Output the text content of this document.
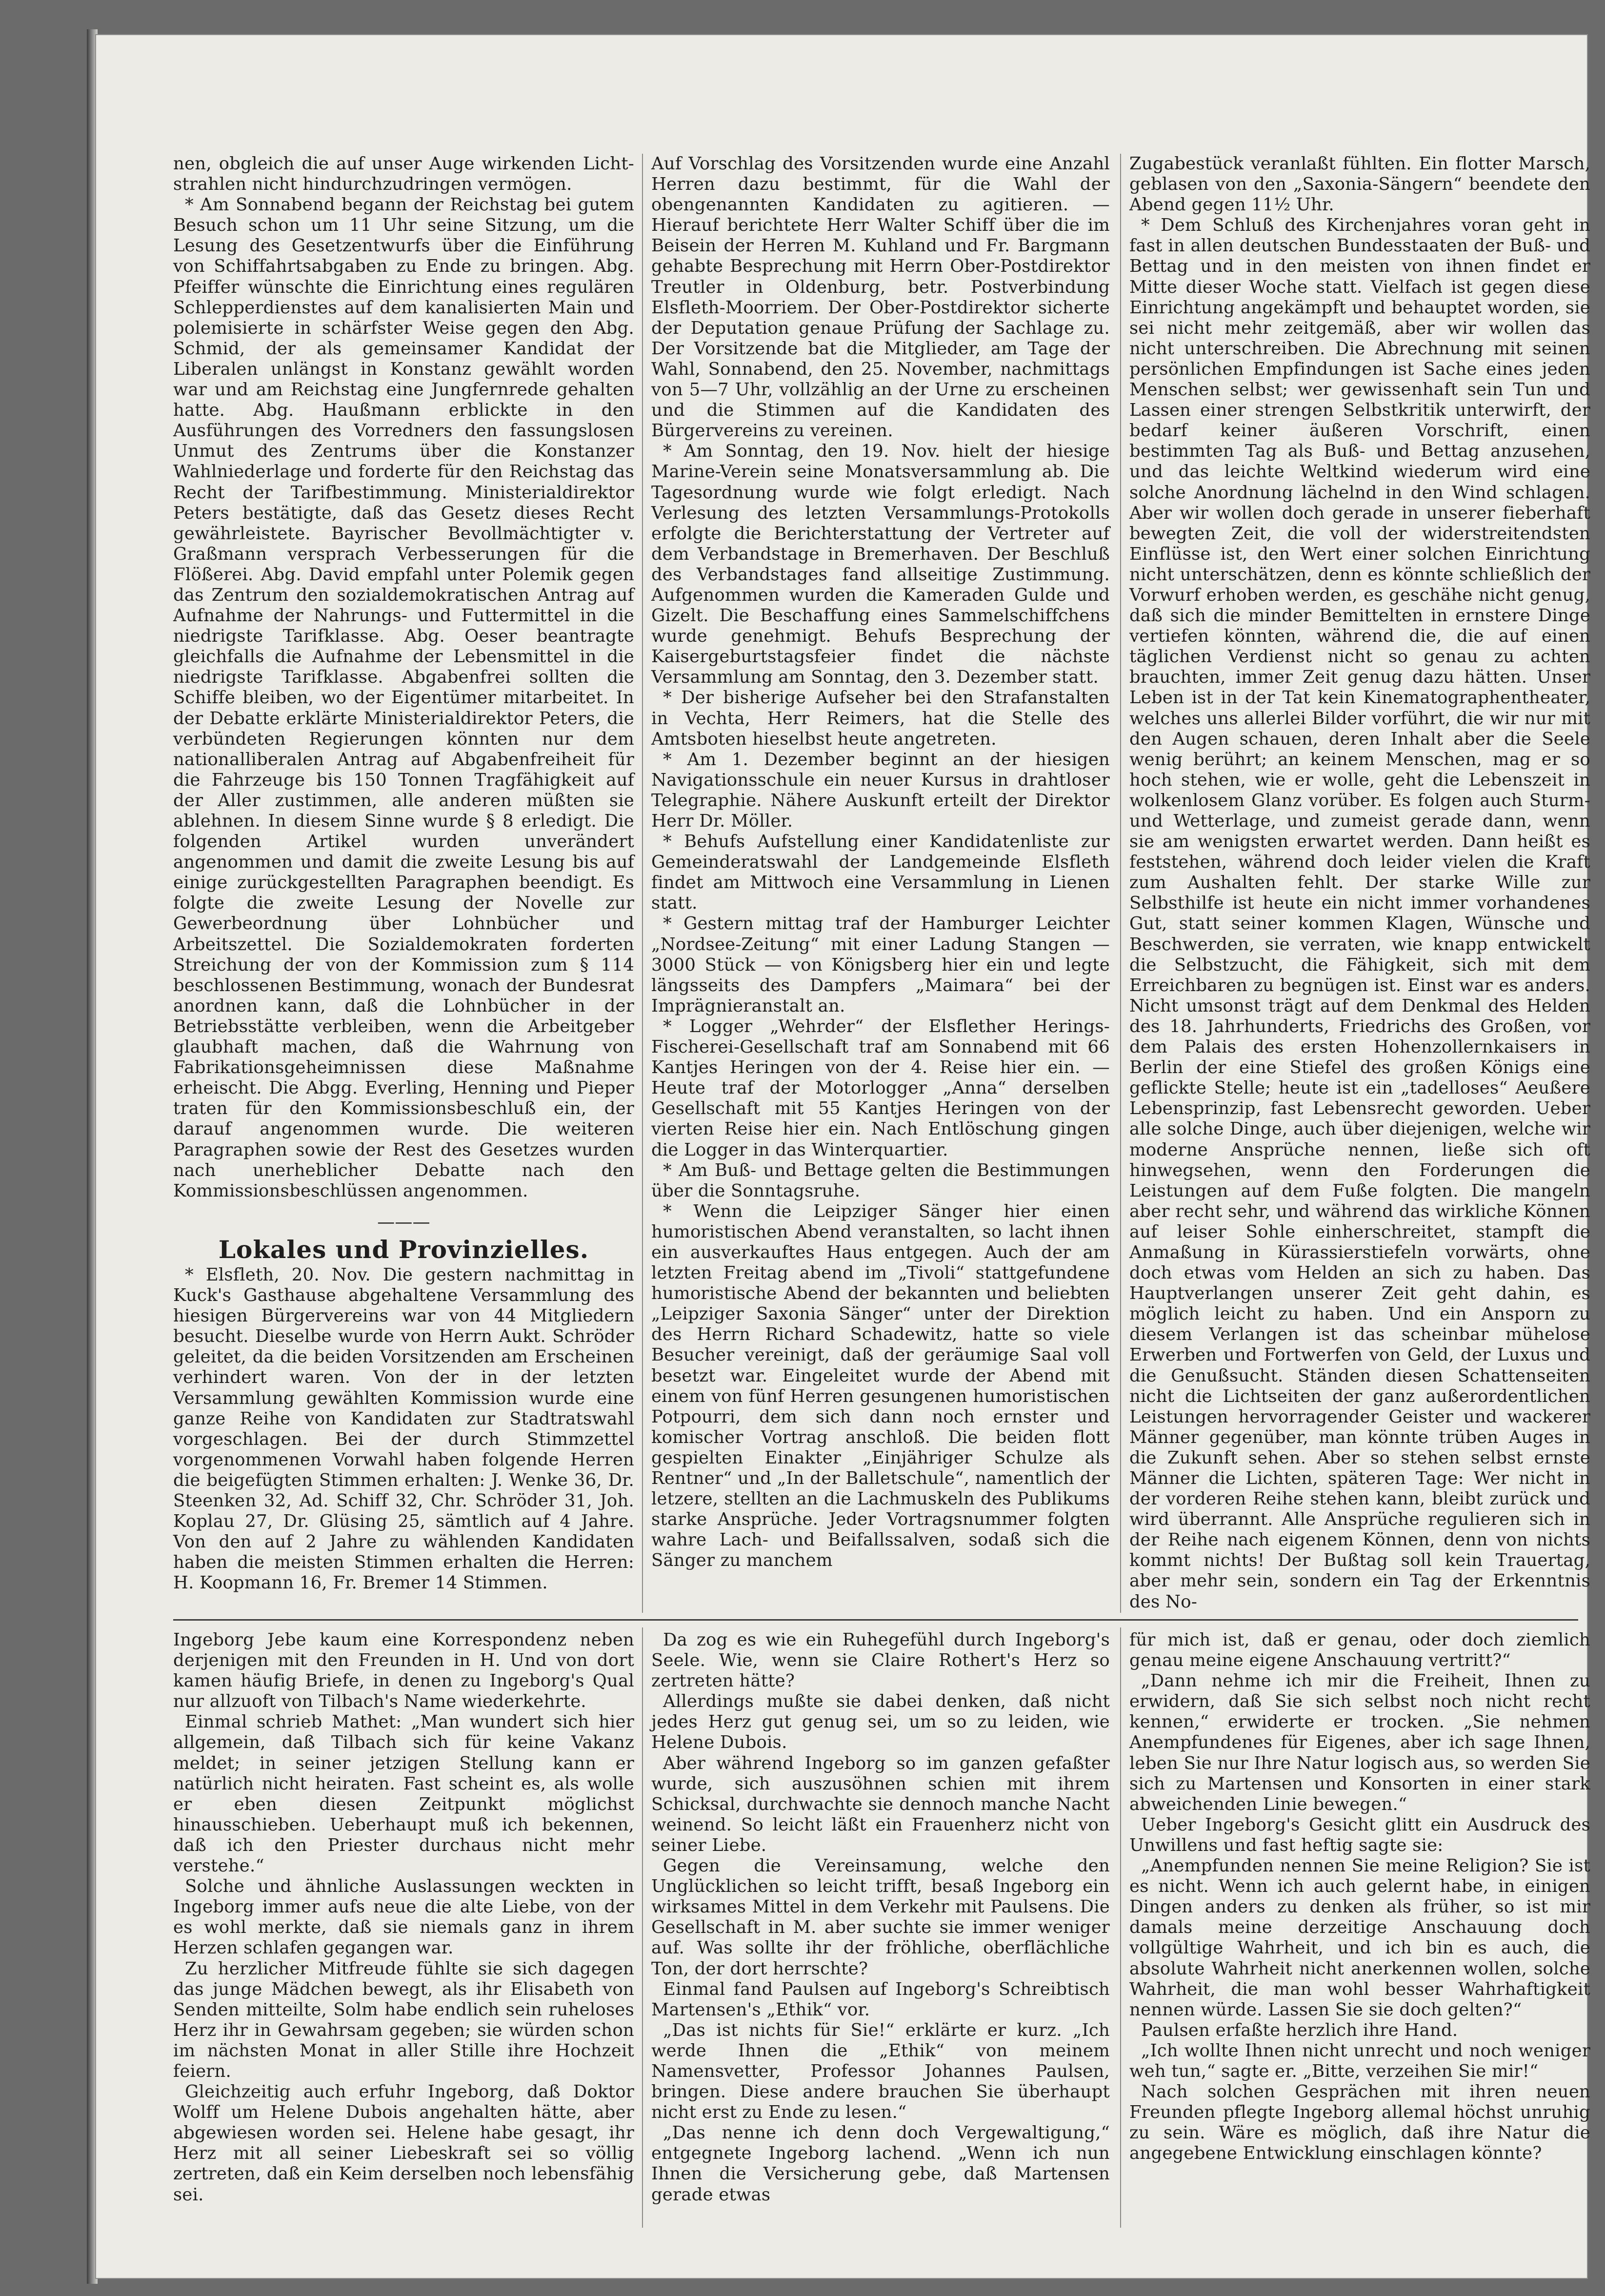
nen, obgleich die auf unser Auge wirkenden Licht-strahlen nicht hindurchzudringen vermögen.

* Am Sonnabend begann der Reichstag bei gutem Besuch schon um 11 Uhr seine Sitzung, um die Lesung des Gesetzentwurfs über die Einführung von Schiffahrtsabgaben zu Ende zu bringen. Abg. Pfeiffer wünschte die Einrichtung eines regulären Schlepperdienstes auf dem kanalisierten Main und polemisierte in schärfster Weise gegen den Abg. Schmid, der als gemeinsamer Kandidat der Liberalen unlängst in Konstanz gewählt worden war und am Reichstag eine Jungfernrede gehalten hatte. Abg. Haußmann erblickte in den Ausführungen des Vorredners den fassungslosen Unmut des Zentrums über die Konstanzer Wahlniederlage und forderte für den Reichstag das Recht der Tarifbestimmung. Ministerialdirektor Peters bestätigte, daß das Gesetz dieses Recht gewährleistete. Bayrischer Bevollmächtigter v. Graßmann versprach Verbesserungen für die Flößerei. Abg. David empfahl unter Polemik gegen das Zentrum den sozialdemokratischen Antrag auf Aufnahme der Nahrungs- und Futtermittel in die niedrigste Tarifklasse. Abg. Oeser beantragte gleichfalls die Aufnahme der Lebensmittel in die niedrigste Tarifklasse. Abgabenfrei sollten die Schiffe bleiben, wo der Eigentümer mitarbeitet. In der Debatte erklärte Ministerialdirektor Peters, die verbündeten Regierungen könnten nur dem nationalliberalen Antrag auf Abgabenfreiheit für die Fahrzeuge bis 150 Tonnen Tragfähigkeit auf der Aller zustimmen, alle anderen müßten sie ablehnen. In diesem Sinne wurde § 8 erledigt. Die folgenden Artikel wurden unverändert angenommen und damit die zweite Lesung bis auf einige zurückgestellten Paragraphen beendigt. Es folgte die zweite Lesung der Novelle zur Gewerbeordnung über Lohnbücher und Arbeitszettel. Die Sozialdemokraten forderten Streichung der von der Kommission zum § 114 beschlossenen Bestimmung, wonach der Bundesrat anordnen kann, daß die Lohnbücher in der Betriebsstätte verbleiben, wenn die Arbeitgeber glaubhaft machen, daß die Wahrnung von Fabrikationsgeheimnissen diese Maßnahme erheischt. Die Abgg. Everling, Henning und Pieper traten für den Kommissionsbeschluß ein, der darauf angenommen wurde. Die weiteren Paragraphen sowie der Rest des Gesetzes wurden nach unerheblicher Debatte nach den Kommissionsbeschlüssen angenommen.

———
Lokales und Provinzielles.

* Elsfleth, 20. Nov. Die gestern nachmittag in Kuck's Gasthause abgehaltene Versammlung des hiesigen Bürgervereins war von 44 Mitgliedern besucht. Dieselbe wurde von Herrn Aukt. Schröder geleitet, da die beiden Vorsitzenden am Erscheinen verhindert waren. Von der in der letzten Versammlung gewählten Kommission wurde eine ganze Reihe von Kandidaten zur Stadtratswahl vorgeschlagen. Bei der durch Stimmzettel vorgenommenen Vorwahl haben folgende Herren die beigefügten Stimmen erhalten: J. Wenke 36, Dr. Steenken 32, Ad. Schiff 32, Chr. Schröder 31, Joh. Koplau 27, Dr. Glüsing 25, sämtlich auf 4 Jahre. Von den auf 2 Jahre zu wählenden Kandidaten haben die meisten Stimmen erhalten die Herren: H. Koopmann 16, Fr. Bremer 14 Stimmen.

Auf Vorschlag des Vorsitzenden wurde eine Anzahl Herren dazu bestimmt, für die Wahl der obengenannten Kandidaten zu agitieren. — Hierauf berichtete Herr Walter Schiff über die im Beisein der Herren M. Kuhland und Fr. Bargmann gehabte Besprechung mit Herrn Ober-Postdirektor Treutler in Oldenburg, betr. Postverbindung Elsfleth-Moorriem. Der Ober-Postdirektor sicherte der Deputation genaue Prüfung der Sachlage zu. Der Vorsitzende bat die Mitglieder, am Tage der Wahl, Sonnabend, den 25. November, nachmittags von 5—7 Uhr, vollzählig an der Urne zu erscheinen und die Stimmen auf die Kandidaten des Bürgervereins zu vereinen.

* Am Sonntag, den 19. Nov. hielt der hiesige Marine-Verein seine Monatsversammlung ab. Die Tagesordnung wurde wie folgt erledigt. Nach Verlesung des letzten Versammlungs-Protokolls erfolgte die Berichterstattung der Vertreter auf dem Verbandstage in Bremerhaven. Der Beschluß des Verbandstages fand allseitige Zustimmung. Aufgenommen wurden die Kameraden Gulde und Gizelt. Die Beschaffung eines Sammelschiffchens wurde genehmigt. Behufs Besprechung der Kaisergeburtstagsfeier findet die nächste Versammlung am Sonntag, den 3. Dezember statt.

* Der bisherige Aufseher bei den Strafanstalten in Vechta, Herr Reimers, hat die Stelle des Amtsboten hieselbst heute angetreten.

* Am 1. Dezember beginnt an der hiesigen Navigationsschule ein neuer Kursus in drahtloser Telegraphie. Nähere Auskunft erteilt der Direktor Herr Dr. Möller.

* Behufs Aufstellung einer Kandidatenliste zur Gemeinderatswahl der Landgemeinde Elsfleth findet am Mittwoch eine Versammlung in Lienen statt.

* Gestern mittag traf der Hamburger Leichter „Nordsee-Zeitung“ mit einer Ladung Stangen — 3000 Stück — von Königsberg hier ein und legte längsseits des Dampfers „Maimara“ bei der Imprägnieranstalt an.

* Logger „Wehrder“ der Elsflether Herings-Fischerei-Gesellschaft traf am Sonnabend mit 66 Kantjes Heringen von der 4. Reise hier ein. — Heute traf der Motorlogger „Anna“ derselben Gesellschaft mit 55 Kantjes Heringen von der vierten Reise hier ein. Nach Entlöschung gingen die Logger in das Winterquartier.

* Am Buß- und Bettage gelten die Bestimmungen über die Sonntagsruhe.

* Wenn die Leipziger Sänger hier einen humoristischen Abend veranstalten, so lacht ihnen ein ausverkauftes Haus entgegen. Auch der am letzten Freitag abend im „Tivoli“ stattgefundene humoristische Abend der bekannten und beliebten „Leipziger Saxonia Sänger“ unter der Direktion des Herrn Richard Schadewitz, hatte so viele Besucher vereinigt, daß der geräumige Saal voll besetzt war. Eingeleitet wurde der Abend mit einem von fünf Herren gesungenen humoristischen Potpourri, dem sich dann noch ernster und komischer Vortrag anschloß. Die beiden flott gespielten Einakter „Einjähriger Schulze als Rentner“ und „In der Balletschule“, namentlich der letzere, stellten an die Lachmuskeln des Publikums starke Ansprüche. Jeder Vortragsnummer folgten wahre Lach- und Beifallssalven, sodaß sich die Sänger zu manchem

Zugabestück veranlaßt fühlten. Ein flotter Marsch, geblasen von den „Saxonia-Sängern“ beendete den Abend gegen 11½ Uhr.

* Dem Schluß des Kirchenjahres voran geht in fast in allen deutschen Bundesstaaten der Buß- und Bettag und in den meisten von ihnen findet er Mitte dieser Woche statt. Vielfach ist gegen diese Einrichtung angekämpft und behauptet worden, sie sei nicht mehr zeitgemäß, aber wir wollen das nicht unterschreiben. Die Abrechnung mit seinen persönlichen Empfindungen ist Sache eines jeden Menschen selbst; wer gewissenhaft sein Tun und Lassen einer strengen Selbstkritik unterwirft, der bedarf keiner äußeren Vorschrift, einen bestimmten Tag als Buß- und Bettag anzusehen, und das leichte Weltkind wiederum wird eine solche Anordnung lächelnd in den Wind schlagen. Aber wir wollen doch gerade in unserer fieberhaft bewegten Zeit, die voll der widerstreitendsten Einflüsse ist, den Wert einer solchen Einrichtung nicht unterschätzen, denn es könnte schließlich der Vorwurf erhoben werden, es geschähe nicht genug, daß sich die minder Bemittelten in ernstere Dinge vertiefen könnten, während die, die auf einen täglichen Verdienst nicht so genau zu achten brauchten, immer Zeit genug dazu hätten. Unser Leben ist in der Tat kein Kinematographentheater, welches uns allerlei Bilder vorführt, die wir nur mit den Augen schauen, deren Inhalt aber die Seele wenig berührt; an keinem Menschen, mag er so hoch stehen, wie er wolle, geht die Lebenszeit in wolkenlosem Glanz vorüber. Es folgen auch Sturm- und Wetterlage, und zumeist gerade dann, wenn sie am wenigsten erwartet werden. Dann heißt es feststehen, während doch leider vielen die Kraft zum Aushalten fehlt. Der starke Wille zur Selbsthilfe ist heute ein nicht immer vorhandenes Gut, statt seiner kommen Klagen, Wünsche und Beschwerden, sie verraten, wie knapp entwickelt die Selbstzucht, die Fähigkeit, sich mit dem Erreichbaren zu begnügen ist. Einst war es anders. Nicht umsonst trägt auf dem Denkmal des Helden des 18. Jahrhunderts, Friedrichs des Großen, vor dem Palais des ersten Hohenzollernkaisers in Berlin der eine Stiefel des großen Königs eine geflickte Stelle; heute ist ein „tadelloses“ Aeußere Lebensprinzip, fast Lebensrecht geworden. Ueber alle solche Dinge, auch über diejenigen, welche wir moderne Ansprüche nennen, ließe sich oft hinwegsehen, wenn den Forderungen die Leistungen auf dem Fuße folgten. Die mangeln aber recht sehr, und während das wirkliche Können auf leiser Sohle einherschreitet, stampft die Anmaßung in Kürassierstiefeln vorwärts, ohne doch etwas vom Helden an sich zu haben. Das Hauptverlangen unserer Zeit geht dahin, es möglich leicht zu haben. Und ein Ansporn zu diesem Verlangen ist das scheinbar mühelose Erwerben und Fortwerfen von Geld, der Luxus und die Genußsucht. Ständen diesen Schattenseiten nicht die Lichtseiten der ganz außerordentlichen Leistungen hervorragender Geister und wackerer Männer gegenüber, man könnte trüben Auges in die Zukunft sehen. Aber so stehen selbst ernste Männer die Lichten, späteren Tage: Wer nicht in der vorderen Reihe stehen kann, bleibt zurück und wird überrannt. Alle Ansprüche regulieren sich in der Reihe nach eigenem Können, denn von nichts kommt nichts! Der Bußtag soll kein Trauertag, aber mehr sein, sondern ein Tag der Erkenntnis des No-

Ingeborg Jebe kaum eine Korrespondenz neben derjenigen mit den Freunden in H. Und von dort kamen häufig Briefe, in denen zu Ingeborg's Qual nur allzuoft von Tilbach's Name wiederkehrte.

Einmal schrieb Mathet: „Man wundert sich hier allgemein, daß Tilbach sich für keine Vakanz meldet; in seiner jetzigen Stellung kann er natürlich nicht heiraten. Fast scheint es, als wolle er eben diesen Zeitpunkt möglichst hinausschieben. Ueberhaupt muß ich bekennen, daß ich den Priester durchaus nicht mehr verstehe.“

Solche und ähnliche Auslassungen weckten in Ingeborg immer aufs neue die alte Liebe, von der es wohl merkte, daß sie niemals ganz in ihrem Herzen schlafen gegangen war.

Zu herzlicher Mitfreude fühlte sie sich dagegen das junge Mädchen bewegt, als ihr Elisabeth von Senden mitteilte, Solm habe endlich sein ruheloses Herz ihr in Gewahrsam gegeben; sie würden schon im nächsten Monat in aller Stille ihre Hochzeit feiern.

Gleichzeitig auch erfuhr Ingeborg, daß Doktor Wolff um Helene Dubois angehalten hätte, aber abgewiesen worden sei. Helene habe gesagt, ihr Herz mit all seiner Liebeskraft sei so völlig zertreten, daß ein Keim derselben noch lebensfähig sei.

Da zog es wie ein Ruhegefühl durch Ingeborg's Seele. Wie, wenn sie Claire Rothert's Herz so zertreten hätte?

Allerdings mußte sie dabei denken, daß nicht jedes Herz gut genug sei, um so zu leiden, wie Helene Dubois.

Aber während Ingeborg so im ganzen gefaßter wurde, sich auszusöhnen schien mit ihrem Schicksal, durchwachte sie dennoch manche Nacht weinend. So leicht läßt ein Frauenherz nicht von seiner Liebe.

Gegen die Vereinsamung, welche den Unglücklichen so leicht trifft, besaß Ingeborg ein wirksames Mittel in dem Verkehr mit Paulsens. Die Gesellschaft in M. aber suchte sie immer weniger auf. Was sollte ihr der fröhliche, oberflächliche Ton, der dort herrschte?

Einmal fand Paulsen auf Ingeborg's Schreibtisch Martensen's „Ethik“ vor.

„Das ist nichts für Sie!“ erklärte er kurz. „Ich werde Ihnen die „Ethik“ von meinem Namensvetter, Professor Johannes Paulsen, bringen. Diese andere brauchen Sie überhaupt nicht erst zu Ende zu lesen.“

„Das nenne ich denn doch Vergewaltigung,“ entgegnete Ingeborg lachend. „Wenn ich nun Ihnen die Versicherung gebe, daß Martensen gerade etwas

für mich ist, daß er genau, oder doch ziemlich genau meine eigene Anschauung vertritt?“

„Dann nehme ich mir die Freiheit, Ihnen zu erwidern, daß Sie sich selbst noch nicht recht kennen,“ erwiderte er trocken. „Sie nehmen Anempfundenes für Eigenes, aber ich sage Ihnen, leben Sie nur Ihre Natur logisch aus, so werden Sie sich zu Martensen und Konsorten in einer stark abweichenden Linie bewegen.“

Ueber Ingeborg's Gesicht glitt ein Ausdruck des Unwillens und fast heftig sagte sie:

„Anempfunden nennen Sie meine Religion? Sie ist es nicht. Wenn ich auch gelernt habe, in einigen Dingen anders zu denken als früher, so ist mir damals meine derzeitige Anschauung doch vollgültige Wahrheit, und ich bin es auch, die absolute Wahrheit nicht anerkennen wollen, solche Wahrheit, die man wohl besser Wahrhaftigkeit nennen würde. Lassen Sie sie doch gelten?“

Paulsen erfaßte herzlich ihre Hand.

„Ich wollte Ihnen nicht unrecht und noch weniger weh tun,“ sagte er. „Bitte, verzeihen Sie mir!“

Nach solchen Gesprächen mit ihren neuen Freunden pflegte Ingeborg allemal höchst unruhig zu sein. Wäre es möglich, daß ihre Natur die angegebene Entwicklung einschlagen könnte?
